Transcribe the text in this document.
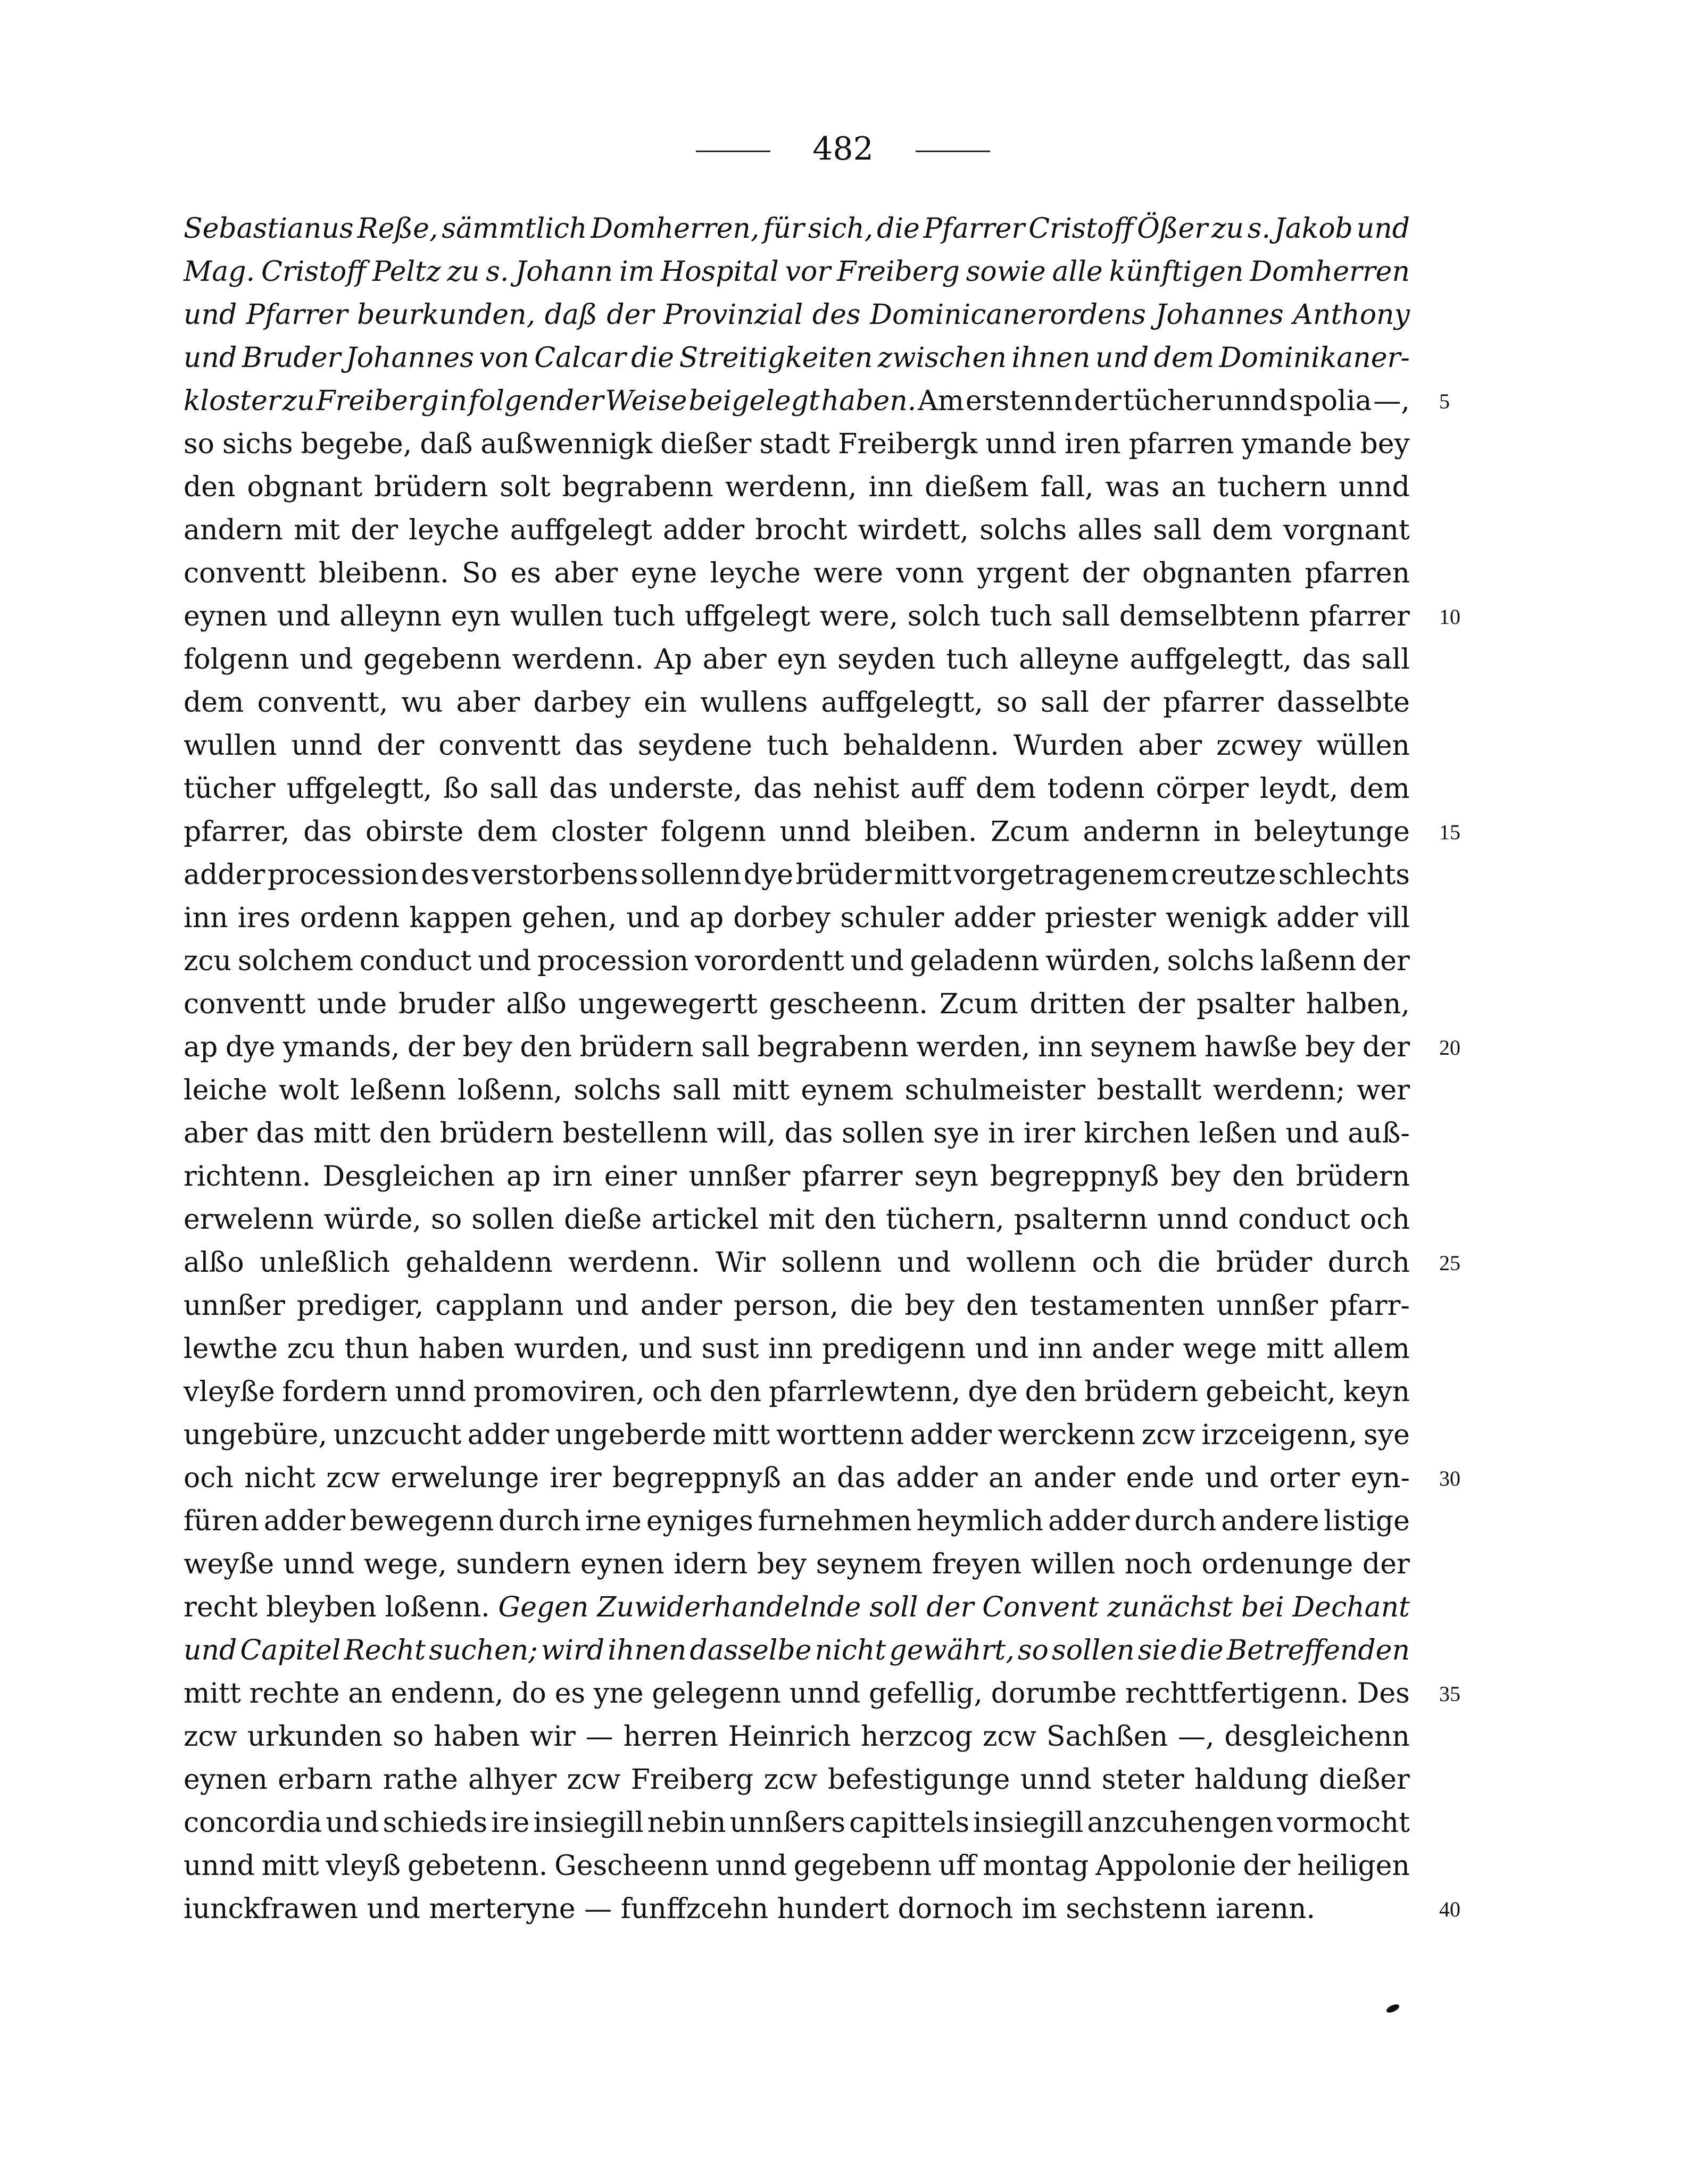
482
Sebastianus Reße, sämmtlich Domherren, für sich, die Pfarrer Cristoff Ößer zu s. Jakob und
Mag. Cristoff Peltz zu s. Johann im Hospital vor Freiberg sowie alle künftigen Domherren
und Pfarrer beurkunden, daß der Provinzial des Dominicanerordens Johannes Anthony
und Bruder Johannes von Calcar die Streitigkeiten zwischen ihnen und dem Dominikaner-
kloster zu Freiberg in folgender Weise beigelegt haben. Am erstenn der tücher unnd spolia —, 5
so sichs begebe, daß außwennigk dießer stadt Freibergk unnd iren pfarren ymande bey
den obgnant brüdern solt begrabenn werdenn, inn dießem fall, was an tuchern unnd
andern mit der leyche auffgelegt adder brocht wirdett, solchs alles sall dem vorgnant
conventt bleibenn. So es aber eyne leyche were vonn yrgent der obgnanten pfarren
eynen und alleynn eyn wullen tuch uffgelegt were, solch tuch sall demselbtenn pfarrer 10
folgenn und gegebenn werdenn. Ap aber eyn seyden tuch alleyne auffgelegtt, das sall
dem conventt, wu aber darbey ein wullens auffgelegtt, so sall der pfarrer dasselbte
wullen unnd der conventt das seydene tuch behaldenn. Wurden aber zcwey wüllen
tücher uffgelegtt, ßo sall das underste, das nehist auff dem todenn cörper leydt, dem
pfarrer, das obirste dem closter folgenn unnd bleiben. Zcum andernn in beleytunge 15
adder procession des verstorbens sollenn dye brüder mitt vorgetragenem creutze schlechts
inn ires ordenn kappen gehen, und ap dorbey schuler adder priester wenigk adder vill
zcu solchem conduct und procession vorordentt und geladenn würden, solchs laßenn der
conventt unde bruder alßo ungewegertt gescheenn. Zcum dritten der psalter halben,
ap dye ymands, der bey den brüdern sall begrabenn werden, inn seynem hawße bey der 20
leiche wolt leßenn loßenn, solchs sall mitt eynem schulmeister bestallt werdenn; wer
aber das mitt den brüdern bestellenn will, das sollen sye in irer kirchen leßen und auß-
richtenn. Desgleichen ap irn einer unnßer pfarrer seyn begreppnyß bey den brüdern
erwelenn würde, so sollen dieße artickel mit den tüchern, psalternn unnd conduct och
alßo unleßlich gehaldenn werdenn. Wir sollenn und wollenn och die brüder durch 25
unnßer prediger, capplann und ander person, die bey den testamenten unnßer pfarr-
lewthe zcu thun haben wurden, und sust inn predigenn und inn ander wege mitt allem
vleyße fordern unnd promoviren, och den pfarrlewtenn, dye den brüdern gebeicht, keyn
ungebüre, unzcucht adder ungeberde mitt worttenn adder werckenn zcw irzceigenn, sye
och nicht zcw erwelunge irer begreppnyß an das adder an ander ende und orter eyn- 30
füren adder bewegenn durch irne eyniges furnehmen heymlich adder durch andere listige
weyße unnd wege, sundern eynen idern bey seynem freyen willen noch ordenunge der
recht bleyben loßenn. Gegen Zuwiderhandelnde soll der Convent zunächst bei Dechant
und Capitel Recht suchen; wird ihnen dasselbe nicht gewährt, so sollen sie die Betreffenden
mitt rechte an endenn, do es yne gelegenn unnd gefellig, dorumbe rechttfertigenn. Des 35
zcw urkunden so haben wir — herren Heinrich herzcog zcw Sachßen —, desgleichenn
eynen erbarn rathe alhyer zcw Freiberg zcw befestigunge unnd steter haldung dießer
concordia und schieds ire insiegill nebin unnßers capittels insiegill anzcuhengen vormocht
unnd mitt vleyß gebetenn. Gescheenn unnd gegebenn uff montag Appolonie der heiligen
iunckfrawen
und
merteryne
—
funffzcehn
hundert
dornoch
im
sechstenn
iarenn.
	40
